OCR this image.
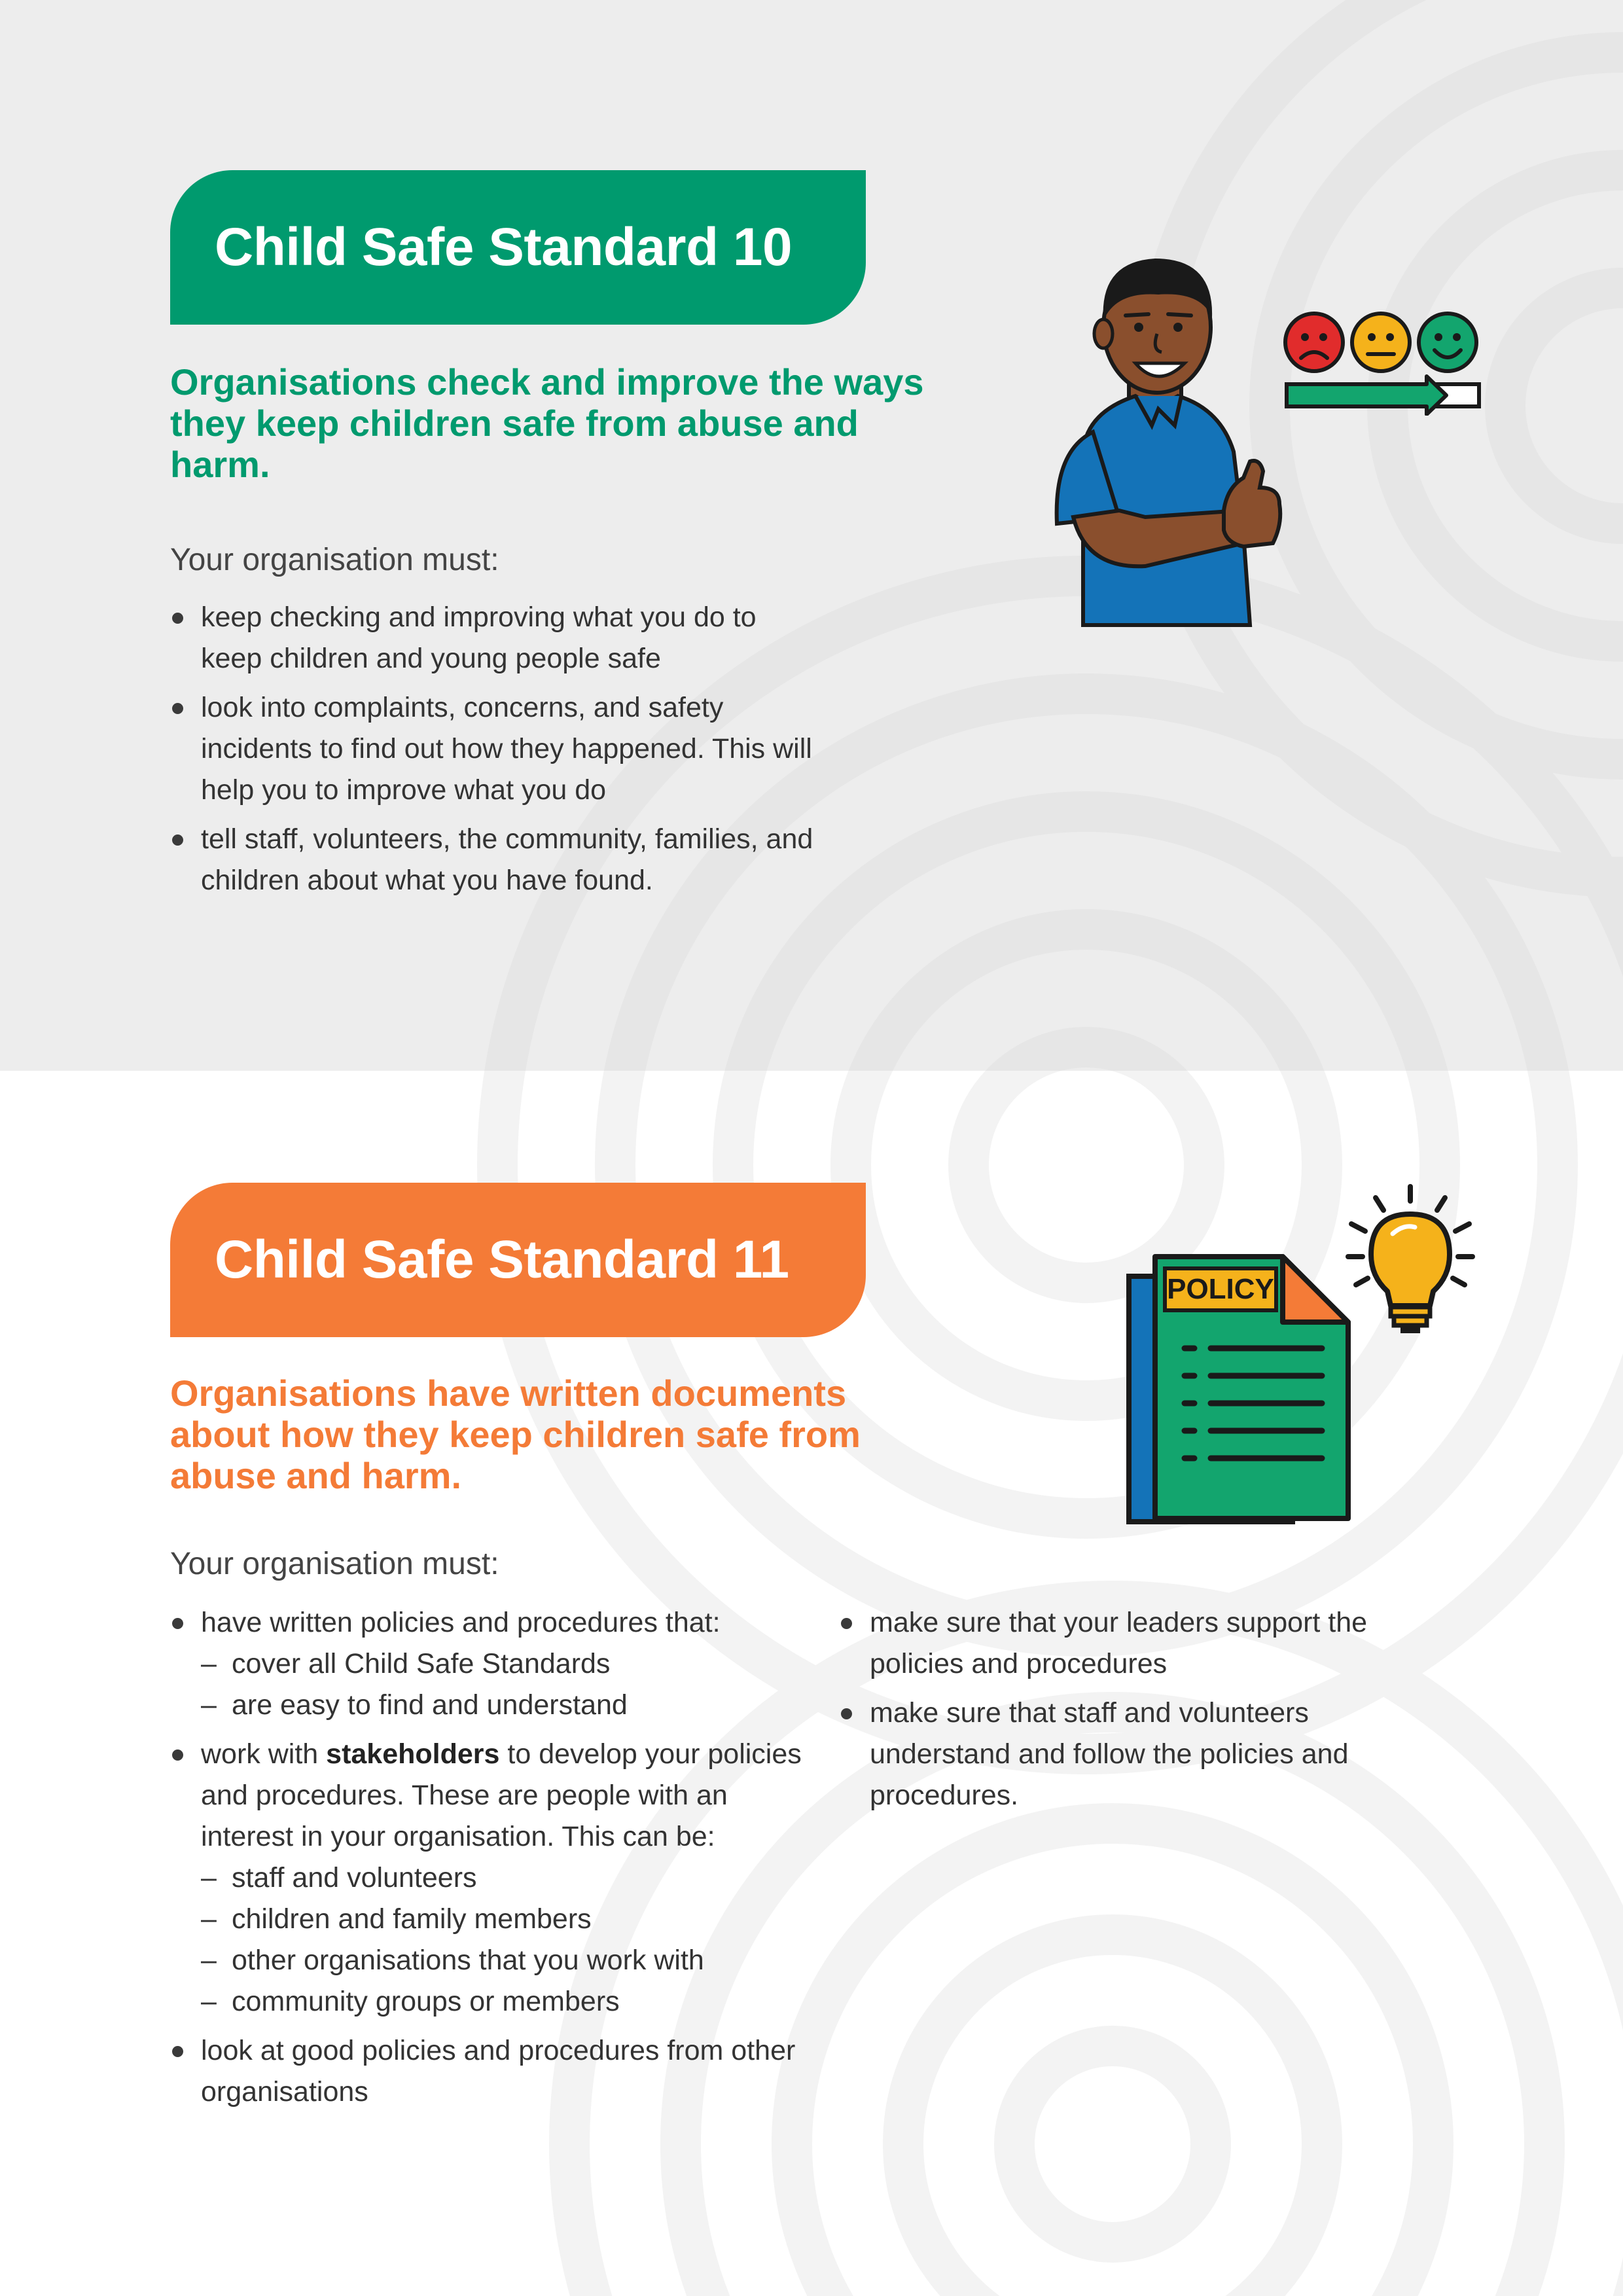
Child Safe Standard 10

Organisations check and improve the ways they keep children safe from abuse and harm.

Your organisation must:

keep checking and improving what you do to keep children and young people safe
look into complaints, concerns, and safety incidents to find out how they happened. This will help you to improve what you do
tell staff, volunteers, the community, families, and children about what you have found.
Child Safe Standard 11

Organisations have written documents about how they keep children safe from abuse and harm.

Your organisation must:

have written policies and procedures that:
– cover all Child Safe Standards
– are easy to find and understand
work with stakeholders to develop your policies and procedures. These are people with an interest in your organisation. This can be:
– staff and volunteers
– children and family members
– other organisations that you work with
– community groups or members
look at good policies and procedures from other organisations
make sure that your leaders support the policies and procedures
make sure that staff and volunteers understand and follow the policies and procedures.
POLICY
